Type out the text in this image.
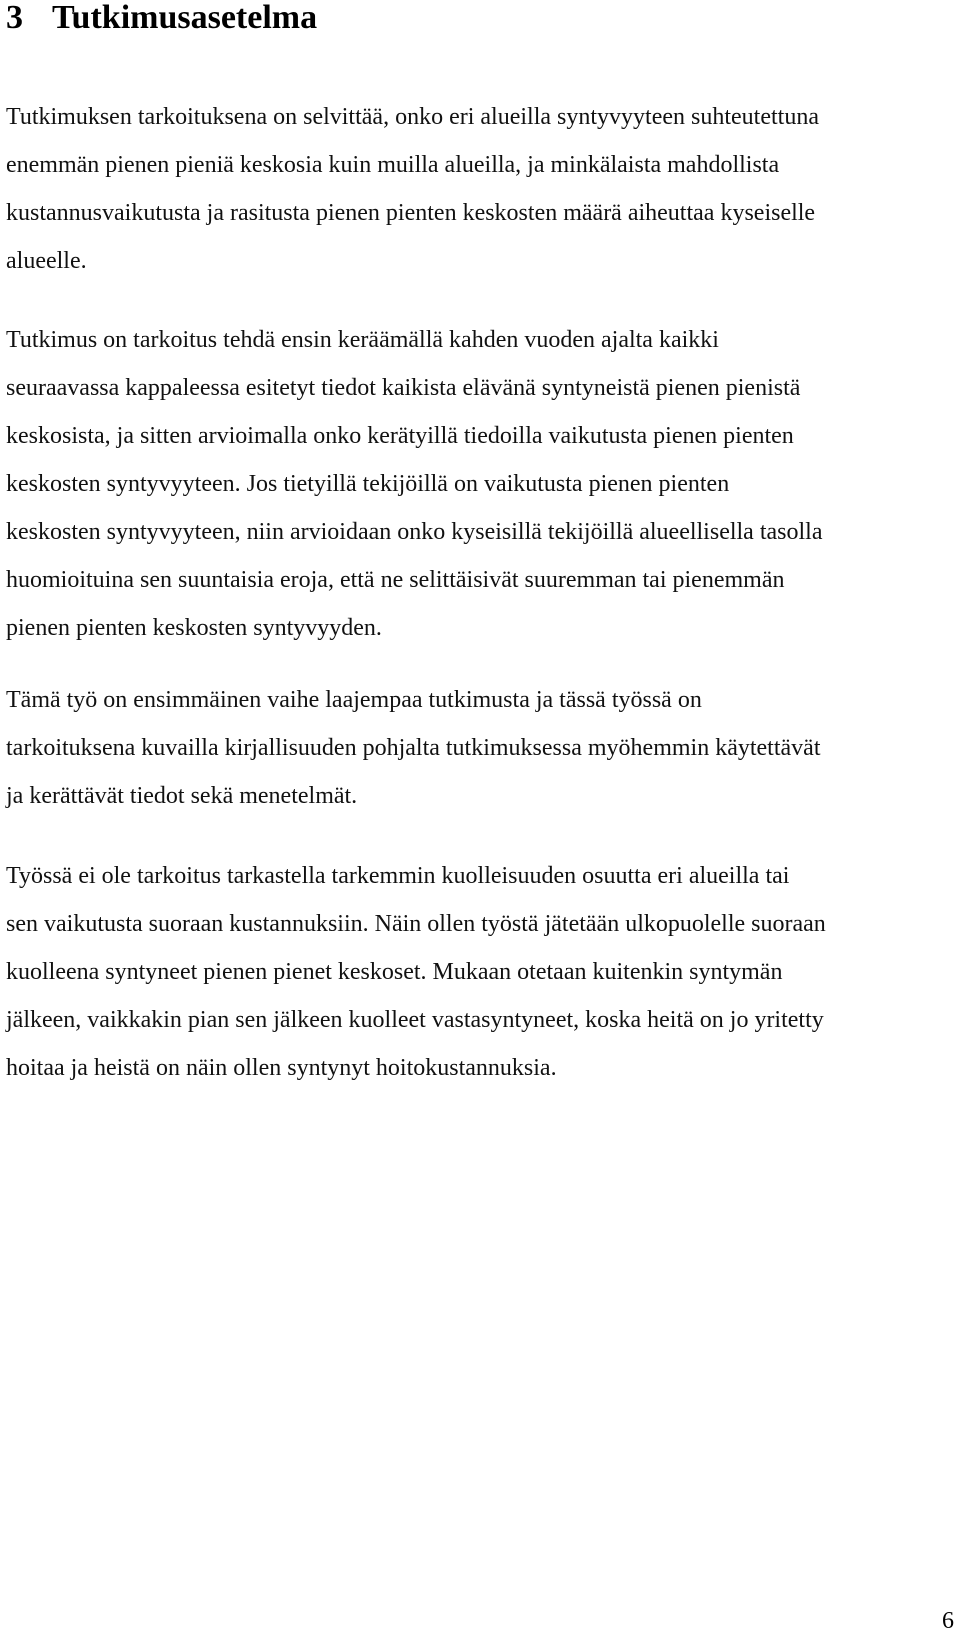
3 Tutkimusasetelma
Tutkimuksen tarkoituksena on selvittää, onko eri alueilla syntyvyyteen suhteutettuna
enemmän pienen pieniä keskosia kuin muilla alueilla, ja minkälaista mahdollista
kustannusvaikutusta ja rasitusta pienen pienten keskosten määrä aiheuttaa kyseiselle
alueelle.
Tutkimus on tarkoitus tehdä ensin keräämällä kahden vuoden ajalta kaikki
seuraavassa kappaleessa esitetyt tiedot kaikista elävänä syntyneistä pienen pienistä
keskosista, ja sitten arvioimalla onko kerätyillä tiedoilla vaikutusta pienen pienten
keskosten syntyvyyteen. Jos tietyillä tekijöillä on vaikutusta pienen pienten
keskosten syntyvyyteen, niin arvioidaan onko kyseisillä tekijöillä alueellisella tasolla
huomioituina sen suuntaisia eroja, että ne selittäisivät suuremman tai pienemmän
pienen pienten keskosten syntyvyyden.
Tämä työ on ensimmäinen vaihe laajempaa tutkimusta ja tässä työssä on
tarkoituksena kuvailla kirjallisuuden pohjalta tutkimuksessa myöhemmin käytettävät
ja kerättävät tiedot sekä menetelmät.
Työssä ei ole tarkoitus tarkastella tarkemmin kuolleisuuden osuutta eri alueilla tai
sen vaikutusta suoraan kustannuksiin. Näin ollen työstä jätetään ulkopuolelle suoraan
kuolleena syntyneet pienen pienet keskoset. Mukaan otetaan kuitenkin syntymän
jälkeen, vaikkakin pian sen jälkeen kuolleet vastasyntyneet, koska heitä on jo yritetty
hoitaa ja heistä on näin ollen syntynyt hoitokustannuksia.
6
